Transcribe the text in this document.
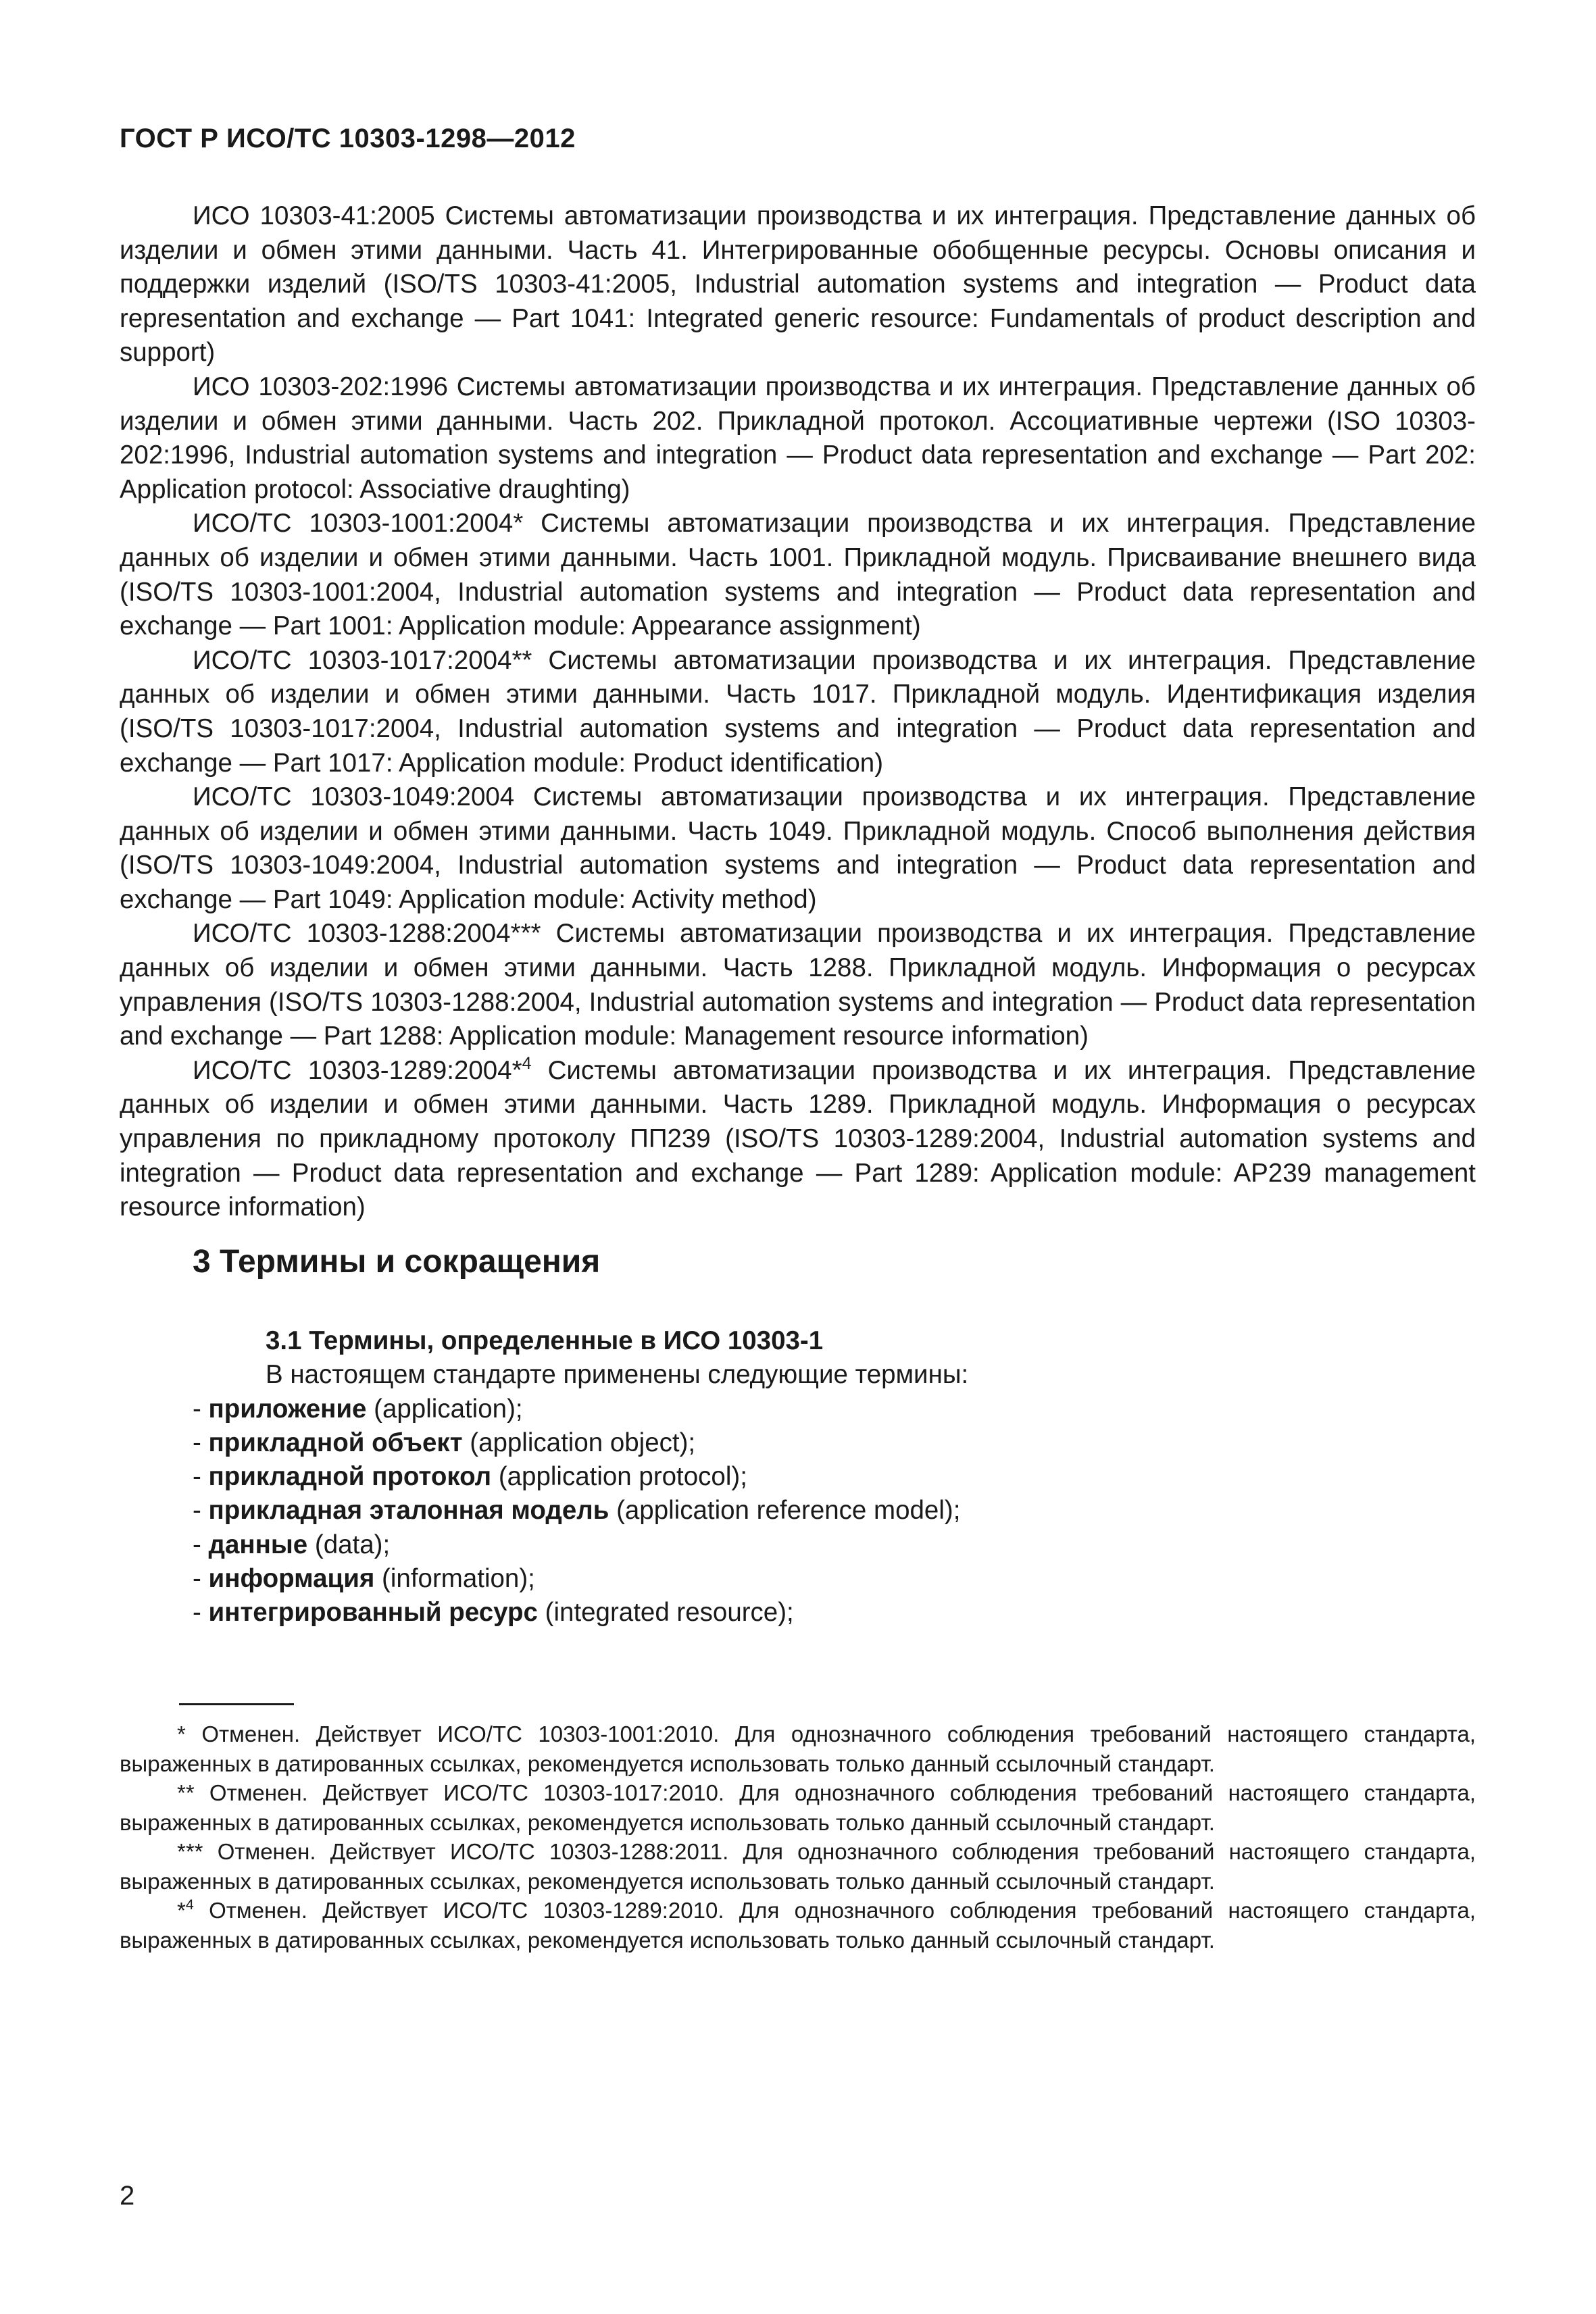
ГОСТ Р ИСО/ТС 10303-1298—2012

ИСО 10303-41:2005 Системы автоматизации производства и их интеграция. Представление данных об изделии и обмен этими данными. Часть 41. Интегрированные обобщенные ресурсы. Основы описания и поддержки изделий (ISO/TS 10303-41:2005, Industrial automation systems and integration — Product data representation and exchange — Part 1041: Integrated generic resource: Fundamentals of product description and support)

ИСО 10303-202:1996 Системы автоматизации производства и их интеграция. Представление данных об изделии и обмен этими данными. Часть 202. Прикладной протокол. Ассоциативные чертежи (ISO 10303-202:1996, Industrial automation systems and integration — Product data representation and exchange — Part 202: Application protocol: Associative draughting)

ИСО/ТС 10303-1001:2004* Системы автоматизации производства и их интеграция. Представление данных об изделии и обмен этими данными. Часть 1001. Прикладной модуль. Присваивание внешнего вида (ISO/TS 10303-1001:2004, Industrial automation systems and integration — Product data representation and exchange — Part 1001: Application module: Appearance assignment)

ИСО/ТС 10303-1017:2004** Системы автоматизации производства и их интеграция. Представление данных об изделии и обмен этими данными. Часть 1017. Прикладной модуль. Идентификация изделия (ISO/TS 10303-1017:2004, Industrial automation systems and integration — Product data representation and exchange — Part 1017: Application module: Product identification)

ИСО/ТС 10303-1049:2004 Системы автоматизации производства и их интеграция. Представление данных об изделии и обмен этими данными. Часть 1049. Прикладной модуль. Способ выполнения действия (ISO/TS 10303-1049:2004, Industrial automation systems and integration — Product data representation and exchange — Part 1049: Application module: Activity method)

ИСО/ТС 10303-1288:2004*** Системы автоматизации производства и их интеграция. Представление данных об изделии и обмен этими данными. Часть 1288. Прикладной модуль. Информация о ресурсах управления (ISO/TS 10303-1288:2004, Industrial automation systems and integration — Product data representation and exchange — Part 1288: Application module: Management resource information)

ИСО/ТС 10303-1289:2004*$^4$ Системы автоматизации производства и их интеграция. Представление данных об изделии и обмен этими данными. Часть 1289. Прикладной модуль. Информация о ресурсах управления по прикладному протоколу ПП239 (ISO/TS 10303-1289:2004, Industrial automation systems and integration — Product data representation and exchange — Part 1289: Application module: AP239 management resource information)

3 Термины и сокращения

3.1 Термины, определенные в ИСО 10303-1

В настоящем стандарте применены следующие термины:

- приложение (application);
- прикладной объект (application object);
- прикладной протокол (application protocol);
- прикладная эталонная модель (application reference model);
- данные (data);
- информация (information);
- интегрированный ресурс (integrated resource);

* Отменен. Действует ИСО/ТС 10303-1001:2010. Для однозначного соблюдения требований настоящего стандарта, выраженных в датированных ссылках, рекомендуется использовать только данный ссылочный стандарт.

** Отменен. Действует ИСО/ТС 10303-1017:2010. Для однозначного соблюдения требований настоящего стандарта, выраженных в датированных ссылках, рекомендуется использовать только данный ссылочный стандарт.

*** Отменен. Действует ИСО/ТС 10303-1288:2011. Для однозначного соблюдения требований настоящего стандарта, выраженных в датированных ссылках, рекомендуется использовать только данный ссылочный стандарт.

*$^4$ Отменен. Действует ИСО/ТС 10303-1289:2010. Для однозначного соблюдения требований настоящего стандарта, выраженных в датированных ссылках, рекомендуется использовать только данный ссылочный стандарт.

2
